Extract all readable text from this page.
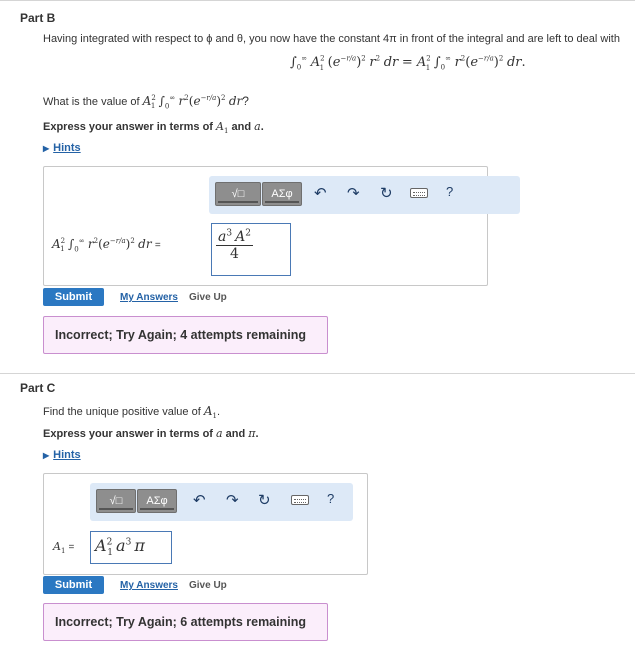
Part B
Having integrated with respect to ϕ and θ, you now have the constant 4π in front of the integral and are left to deal with
$\int_0^\infty$ $A^2_1$ $(e^{-r/a})^2$ $r^2$ dr = $A^2_1$ $\int_0^\infty$ $r^2(e^{-r/a})^2$ dr.
What is the value of $A^2_1$ $\int_0^\infty$ $r^2(e^{-r/a})^2$ dr?
Express your answer in terms of $A_1$ and a.
▶ Hints
√□ ΑΣφ ↶ ↷ ↻	?
$A^2_1$ $\int_0^\infty$ $r^2(e^{-r/a})^2$ dr =	$\frac{a^3 A^2}{4}$
Submit	My Answers Give Up
Incorrect; Try Again; 4 attempts remaining
Part C
Find the unique positive value of $A_1$.
Express your answer in terms of a and π.
▶ Hints
√□ ΑΣφ ↶ ↷ ↻	?
$A_1 = A^2_1$ $a^3$ π
Submit	My Answers Give Up
Incorrect; Try Again; 6 attempts remaining
